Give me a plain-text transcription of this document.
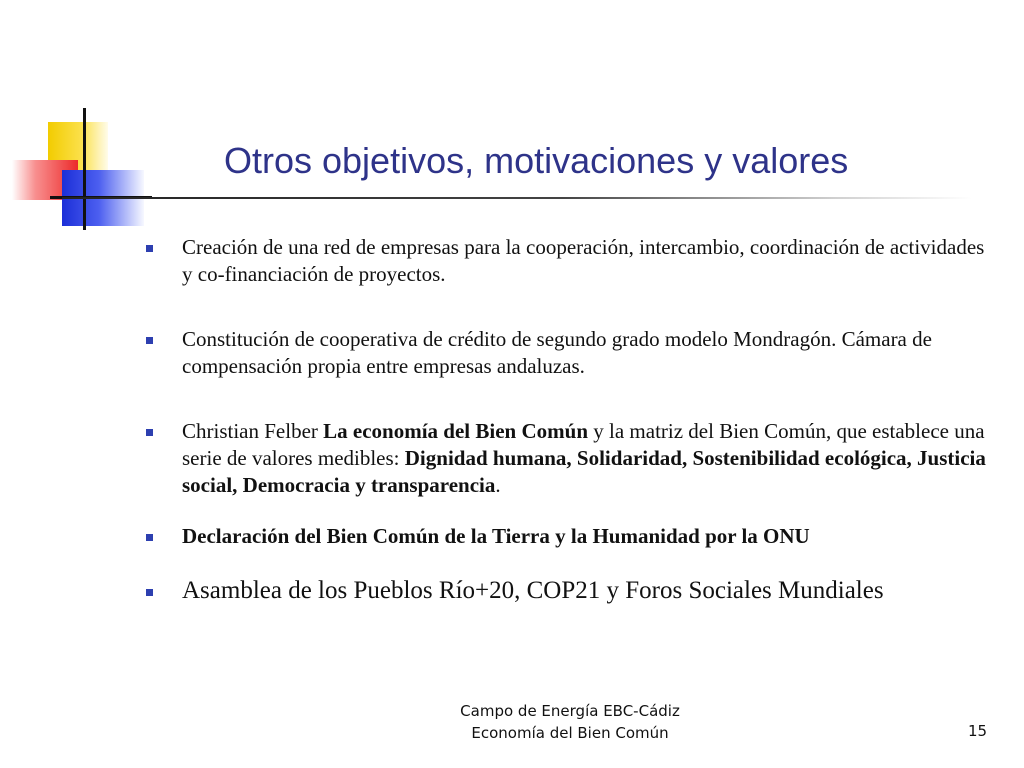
Otros objetivos, motivaciones y valores
Creación de una red de empresas para la cooperación, intercambio, coordinación de actividades y co-financiación de proyectos.
Constitución de cooperativa de crédito de segundo grado modelo Mondragón. Cámara de compensación propia entre empresas andaluzas.
Christian Felber La economía del Bien Común y la matriz del Bien Común, que establece una serie de valores medibles: Dignidad humana, Solidaridad, Sostenibilidad ecológica, Justicia social, Democracia y transparencia.
Declaración del Bien Común de la Tierra y la Humanidad por la ONU
Asamblea de los Pueblos Río+20, COP21 y Foros Sociales Mundiales
Campo de Energía EBC-Cádiz
Economía del Bien Común	15
